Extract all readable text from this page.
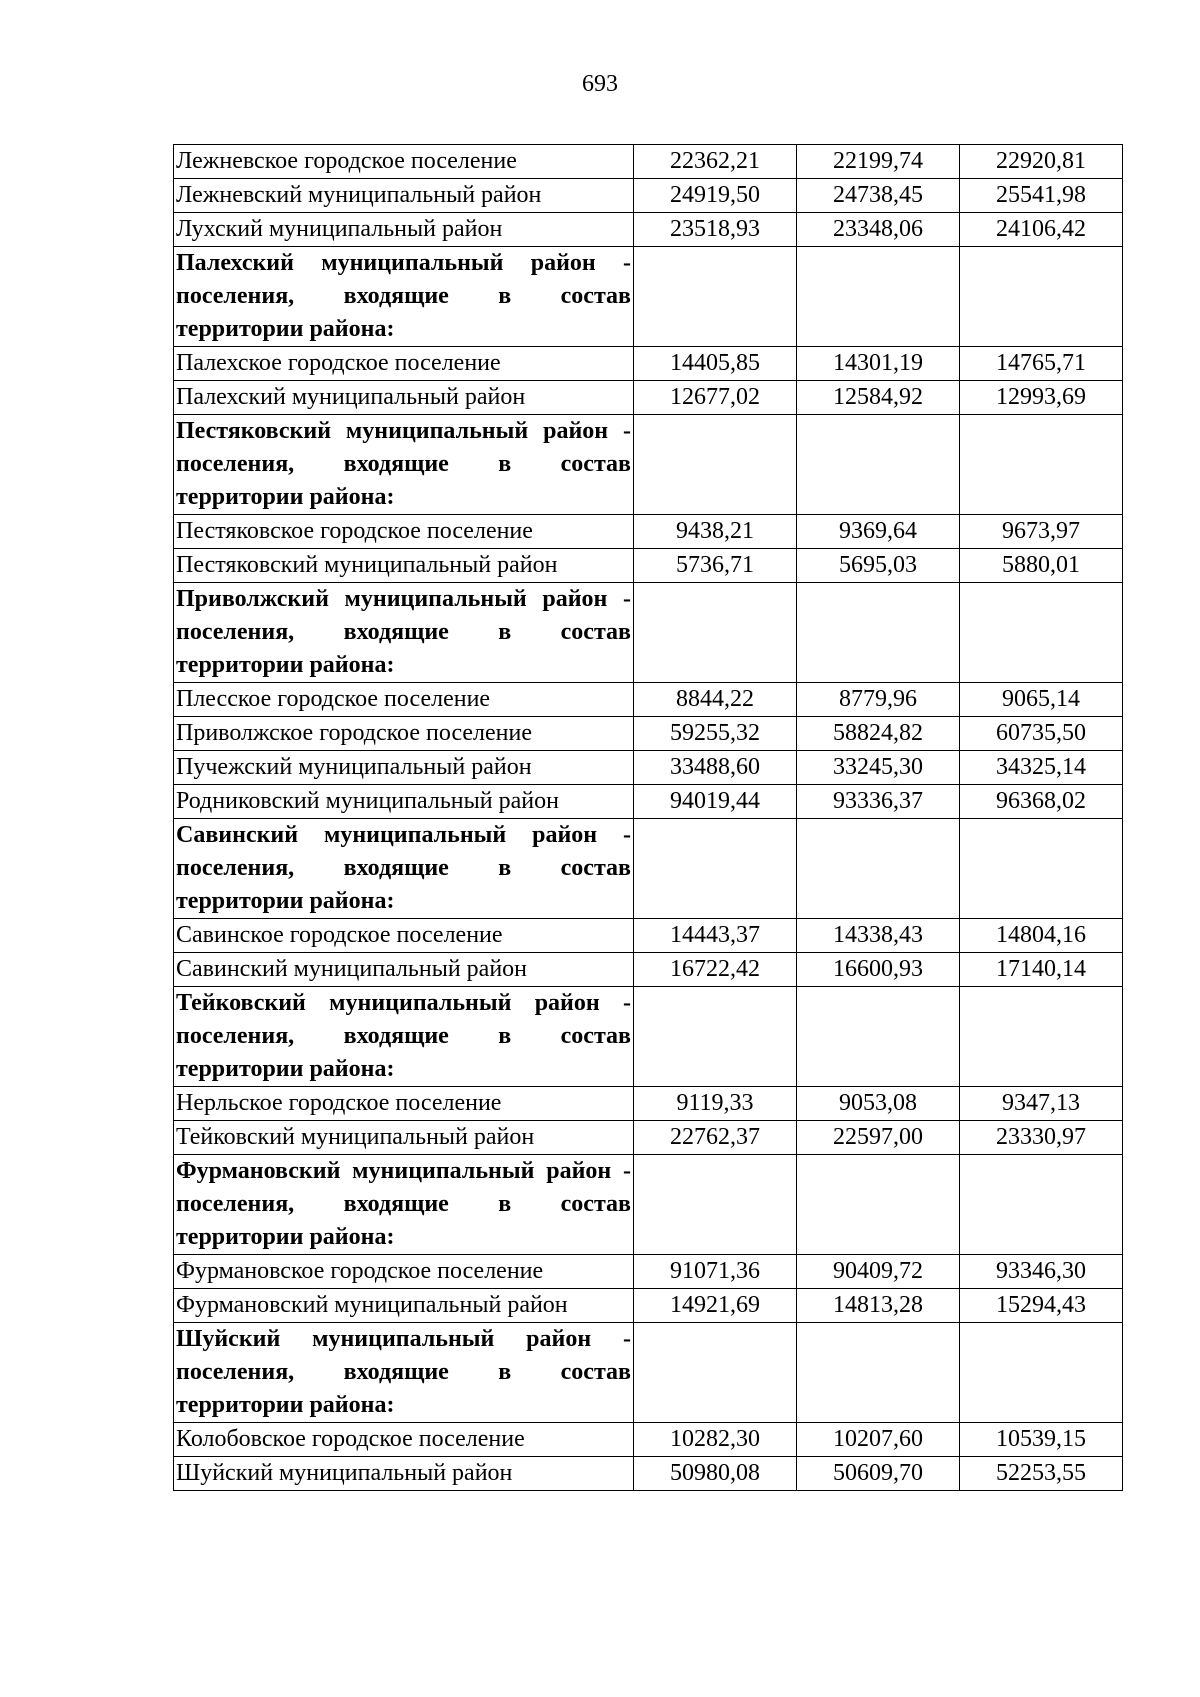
693
Лежневское городское поселение	22362,21	22199,74	22920,81
Лежневский муниципальный район	24919,50	24738,45	25541,98
Лухский муниципальный район	23518,93	23348,06	24106,42
Палехский муниципальный район - поселения, входящие в состав территории района:			
Палехское городское поселение	14405,85	14301,19	14765,71
Палехский муниципальный район	12677,02	12584,92	12993,69
Пестяковский муниципальный район - поселения, входящие в состав территории района:			
Пестяковское городское поселение	9438,21	9369,64	9673,97
Пестяковский муниципальный район	5736,71	5695,03	5880,01
Приволжский муниципальный район - поселения, входящие в состав территории района:			
Плесское городское поселение	8844,22	8779,96	9065,14
Приволжское городское поселение	59255,32	58824,82	60735,50
Пучежский муниципальный район	33488,60	33245,30	34325,14
Родниковский муниципальный район	94019,44	93336,37	96368,02
Савинский муниципальный район - поселения, входящие в состав территории района:			
Савинское городское поселение	14443,37	14338,43	14804,16
Савинский муниципальный район	16722,42	16600,93	17140,14
Тейковский муниципальный район - поселения, входящие в состав территории района:			
Нерльское городское поселение	9119,33	9053,08	9347,13
Тейковский муниципальный район	22762,37	22597,00	23330,97
Фурмановский муниципальный район - поселения, входящие в состав территории района:			
Фурмановское городское поселение	91071,36	90409,72	93346,30
Фурмановский муниципальный район	14921,69	14813,28	15294,43
Шуйский муниципальный район - поселения, входящие в состав территории района:			
Колобовское городское поселение	10282,30	10207,60	10539,15
Шуйский муниципальный район	50980,08	50609,70	52253,55
